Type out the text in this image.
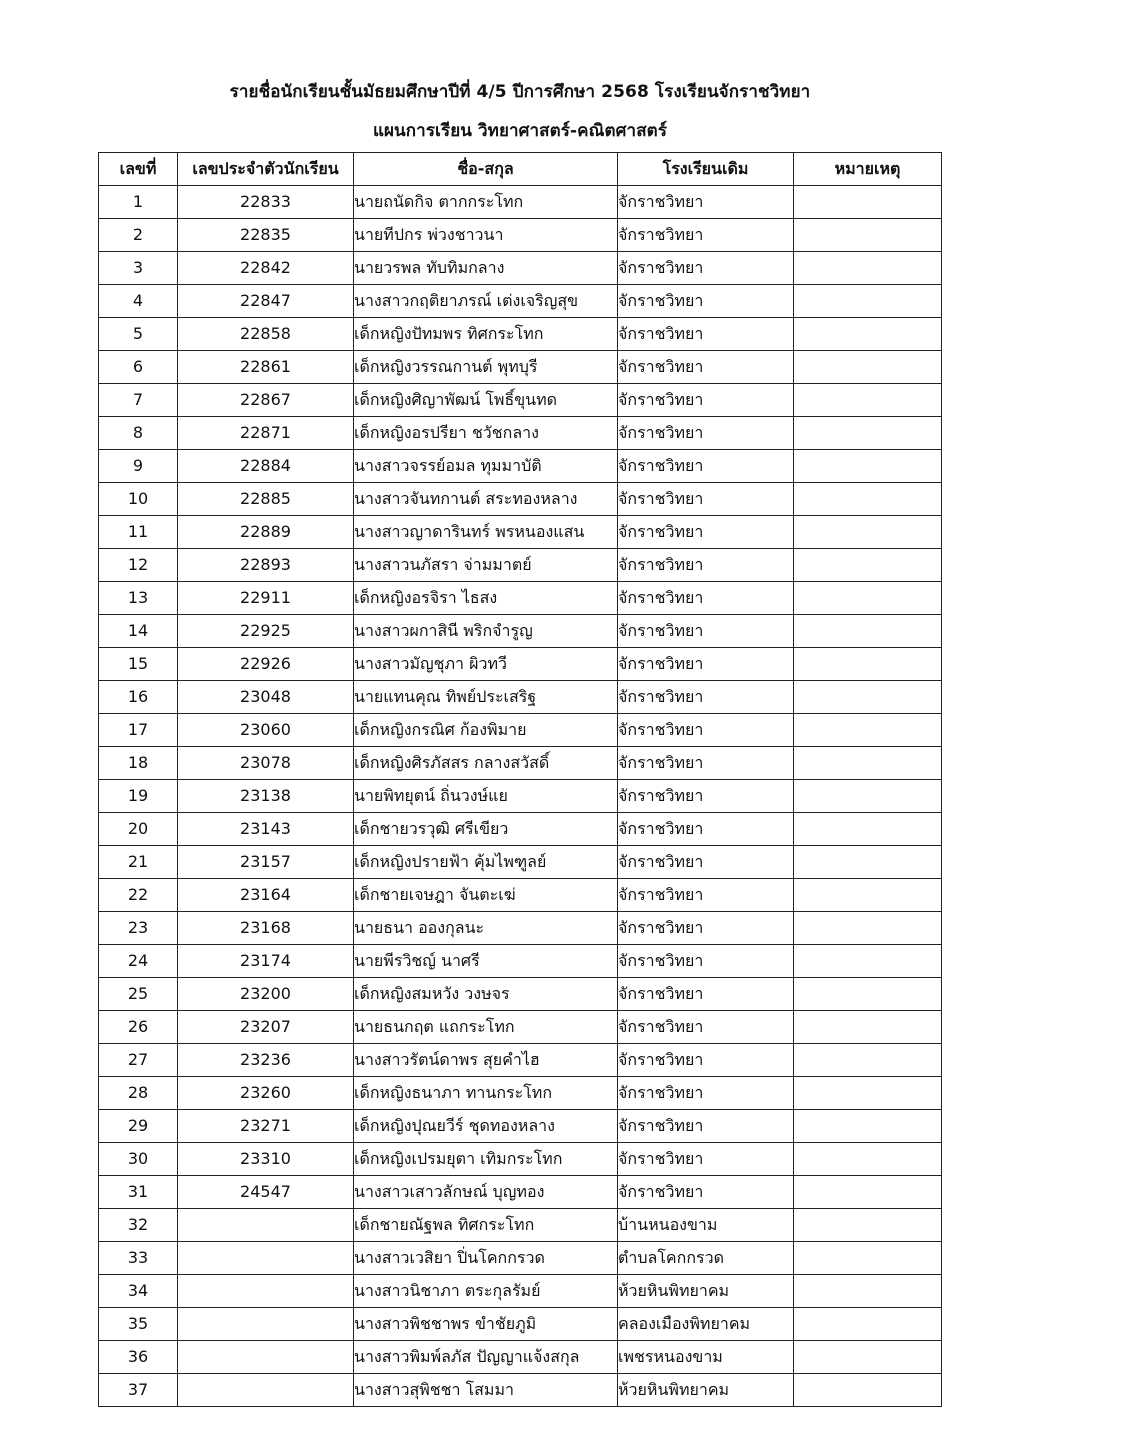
รายชื่อนักเรียนชั้นมัธยมศึกษาปีที่ 4/5 ปีการศึกษา 2568 โรงเรียนจักราชวิทยา
แผนการเรียน วิทยาศาสตร์-คณิตศาสตร์
เลขที่	เลขประจำตัวนักเรียน	ชื่อ-สกุล	โรงเรียนเดิม	หมายเหตุ
1	22833	นายถนัดกิจ ตากกระโทก	จักราชวิทยา	
2	22835	นายทีปกร พ่วงชาวนา	จักราชวิทยา	
3	22842	นายวรพล ทับทิมกลาง	จักราชวิทยา	
4	22847	นางสาวกฤติยาภรณ์ เต่งเจริญสุข	จักราชวิทยา	
5	22858	เด็กหญิงปัทมพร ทิศกระโทก	จักราชวิทยา	
6	22861	เด็กหญิงวรรณกานต์ พุทบุรี	จักราชวิทยา	
7	22867	เด็กหญิงศิญาพัฒน์ โพธิ์ขุนทด	จักราชวิทยา	
8	22871	เด็กหญิงอรปรียา ชวัชกลาง	จักราชวิทยา	
9	22884	นางสาวจรรย์อมล ทุมมาบัติ	จักราชวิทยา	
10	22885	นางสาวจันทกานต์ สระทองหลาง	จักราชวิทยา	
11	22889	นางสาวญาดารินทร์ พรหนองแสน	จักราชวิทยา	
12	22893	นางสาวนภัสรา จ่ามมาตย์	จักราชวิทยา	
13	22911	เด็กหญิงอรจิรา ไธสง	จักราชวิทยา	
14	22925	นางสาวผกาสินี พริกจำรูญ	จักราชวิทยา	
15	22926	นางสาวมัญชุภา ผิวทวี	จักราชวิทยา	
16	23048	นายแทนคุณ ทิพย์ประเสริฐ	จักราชวิทยา	
17	23060	เด็กหญิงกรณิศ ก้องพิมาย	จักราชวิทยา	
18	23078	เด็กหญิงศิรภัสสร กลางสวัสดิ์	จักราชวิทยา	
19	23138	นายพิทยุตน์ ถิ่นวงษ์แย	จักราชวิทยา	
20	23143	เด็กชายวรวุฒิ ศรีเขียว	จักราชวิทยา	
21	23157	เด็กหญิงปรายฟ้า คุ้มไพฑูลย์	จักราชวิทยา	
22	23164	เด็กชายเจษฎา จันตะเฆ่	จักราชวิทยา	
23	23168	นายธนา อองกุลนะ	จักราชวิทยา	
24	23174	นายพีรวิชญ์ นาศรี	จักราชวิทยา	
25	23200	เด็กหญิงสมหวัง วงษจร	จักราชวิทยา	
26	23207	นายธนกฤต แถกระโทก	จักราชวิทยา	
27	23236	นางสาวรัตน์ดาพร สุยคำไฮ	จักราชวิทยา	
28	23260	เด็กหญิงธนาภา ทานกระโทก	จักราชวิทยา	
29	23271	เด็กหญิงปุณยวีร์ ชุดทองหลาง	จักราชวิทยา	
30	23310	เด็กหญิงเปรมยุตา เทิมกระโทก	จักราชวิทยา	
31	24547	นางสาวเสาวลักษณ์ บุญทอง	จักราชวิทยา	
32		เด็กชายณัฐพล ทิศกระโทก	บ้านหนองขาม	
33		นางสาวเวสิยา ปิ่นโคกกรวด	ตำบลโคกกรวด	
34		นางสาวนิชาภา ตระกุลรัมย์	ห้วยหินพิทยาคม	
35		นางสาวพิชชาพร ขำชัยภูมิ	คลองเมืองพิทยาคม	
36		นางสาวพิมพ์ลภัส ปัญญาแจ้งสกุล	เพชรหนองขาม	
37		นางสาวสุพิชชา โสมมา	ห้วยหินพิทยาคม	
